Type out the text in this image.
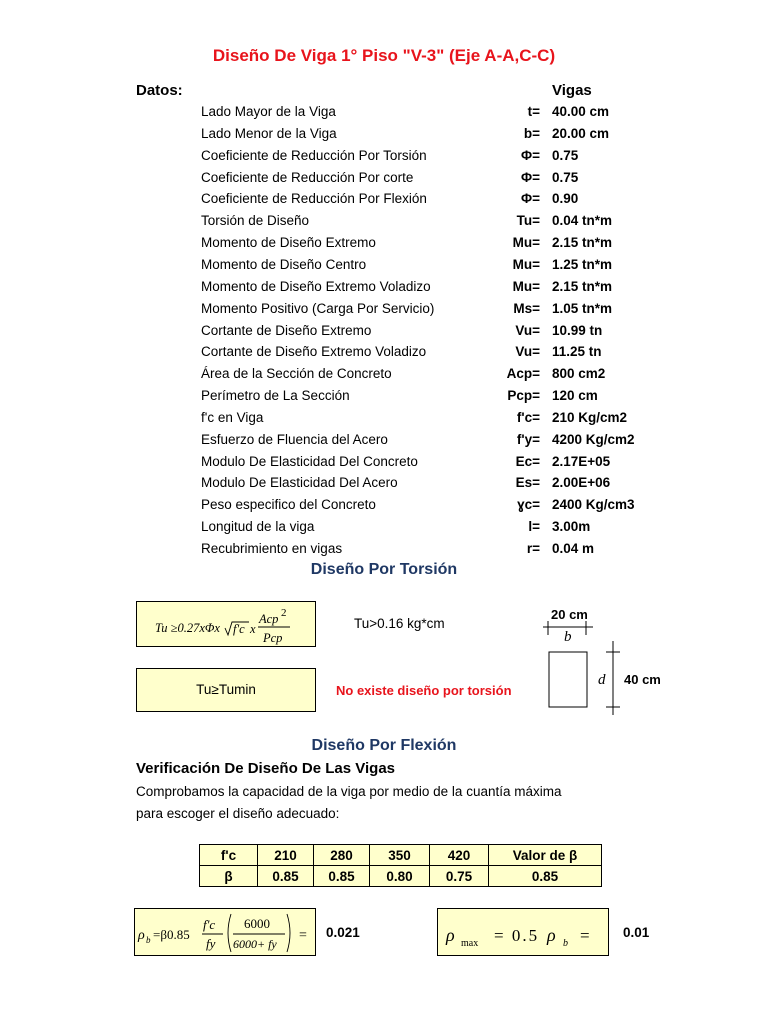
Diseño De Viga 1° Piso "V-3" (Eje A-A,C-C)
Datos:	Vigas
Lado Mayor de la Viga	t= 40.00 cm
Lado Menor de la Viga	b= 20.00 cm
Coeficiente de Reducción Por Torsión	Φ= 0.75
Coeficiente de Reducción Por corte	Φ= 0.75
Coeficiente de Reducción Por Flexión	Φ= 0.90
Torsión de Diseño	Tu= 0.04 tn*m
Momento de Diseño Extremo	Mu= 2.15 tn*m
Momento de Diseño Centro	Mu= 1.25 tn*m
Momento de Diseño Extremo Voladizo	Mu= 2.15 tn*m
Momento Positivo (Carga Por Servicio)	Ms= 1.05 tn*m
Cortante de Diseño Extremo	Vu= 10.99 tn
Cortante de Diseño Extremo Voladizo	Vu= 11.25 tn
Área de la Sección de Concreto	Acp= 800 cm2
Perímetro de La Sección	Pcp= 120 cm
f'c en Viga	f'c= 210 Kg/cm2
Esfuerzo de Fluencia del Acero	f'y= 4200 Kg/cm2
Modulo De Elasticidad Del Concreto	Ec= 2.17E+05
Modulo De Elasticidad Del Acero	Es= 2.00E+06
Peso especifico del Concreto	ɣc= 2400 Kg/cm3
Longitud de la viga	l= 3.00m
Recubrimiento en vigas	r= 0.04 m
Diseño Por Torsión
Tu ≥0.27xΦx f'c x
Acp 2
Pcp
Tu>0.16 kg*cm
Tu≥Tumin	No existe diseño por torsión
20 cm
b
d 40 cm
Diseño Por Flexión
Verificación De Diseño De Las Vigas
Comprobamos la capacidad de la viga por medio de la cuantía máxima
para escoger el diseño adecuado:
f'c	210	280	350	420	Valor de β
β	0.85	0.85	0.80	0.75	0.85
ρ b =β0.85
f'c
fy
6000
6000+ fy
= 0.021	ρ max = 0.5 ρ b = 0.01
